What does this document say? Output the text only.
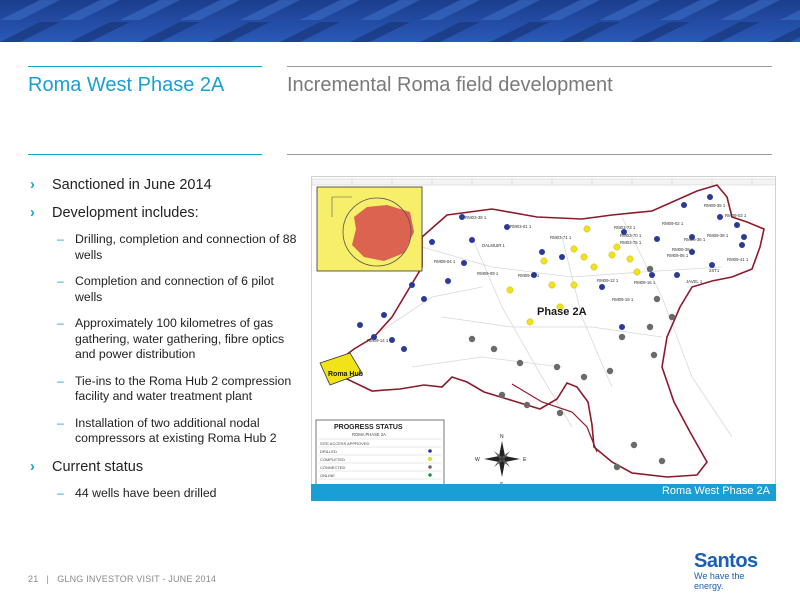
Roma West Phase 2A	Incremental Roma field development
› Sanctioned in June 2014
› Development includes:
– Drilling, completion and connection of 88 wells
– Completion and connection of 6 pilot wells
– Approximately 100 kilometres of gas gathering, water gathering, fibre optics and power distribution
– Tie-ins to the Roma Hub 2 compression facility and water treatment plant
– Installation of two additional nodal compressors at existing Roma Hub 2
› Current status
– 44 wells have been drilled
RM03-38 1
RM03-01 1
DALMUIR 1
RM09-04 1
RM09-09 1	RM09-10 1
RM09-12 1
RM03-73 1
RM09-02 1
RM09-38 1
RM09-41 1
JAVEL 1
2ST1
RM09-16 1
RM09-14 1
RM03-71 1	RM03-70 1
RM03-75 1
RM09-06 1
RM09-39 1
RM09-19 1
RM09-36 1
RM09-35 1
RM09-03 1
Phase 2A
Roma Hub
PROGRESS STATUS
ROMA PHASE 2A
SITE ACCESS APPROVED
DRILLED
COMPLETED
CONNECTED
ONLINE
N
E
W
Roma West Phase 2A
21 | GLNG INVESTOR VISIT - JUNE 2014
Santos
We have the energy.
